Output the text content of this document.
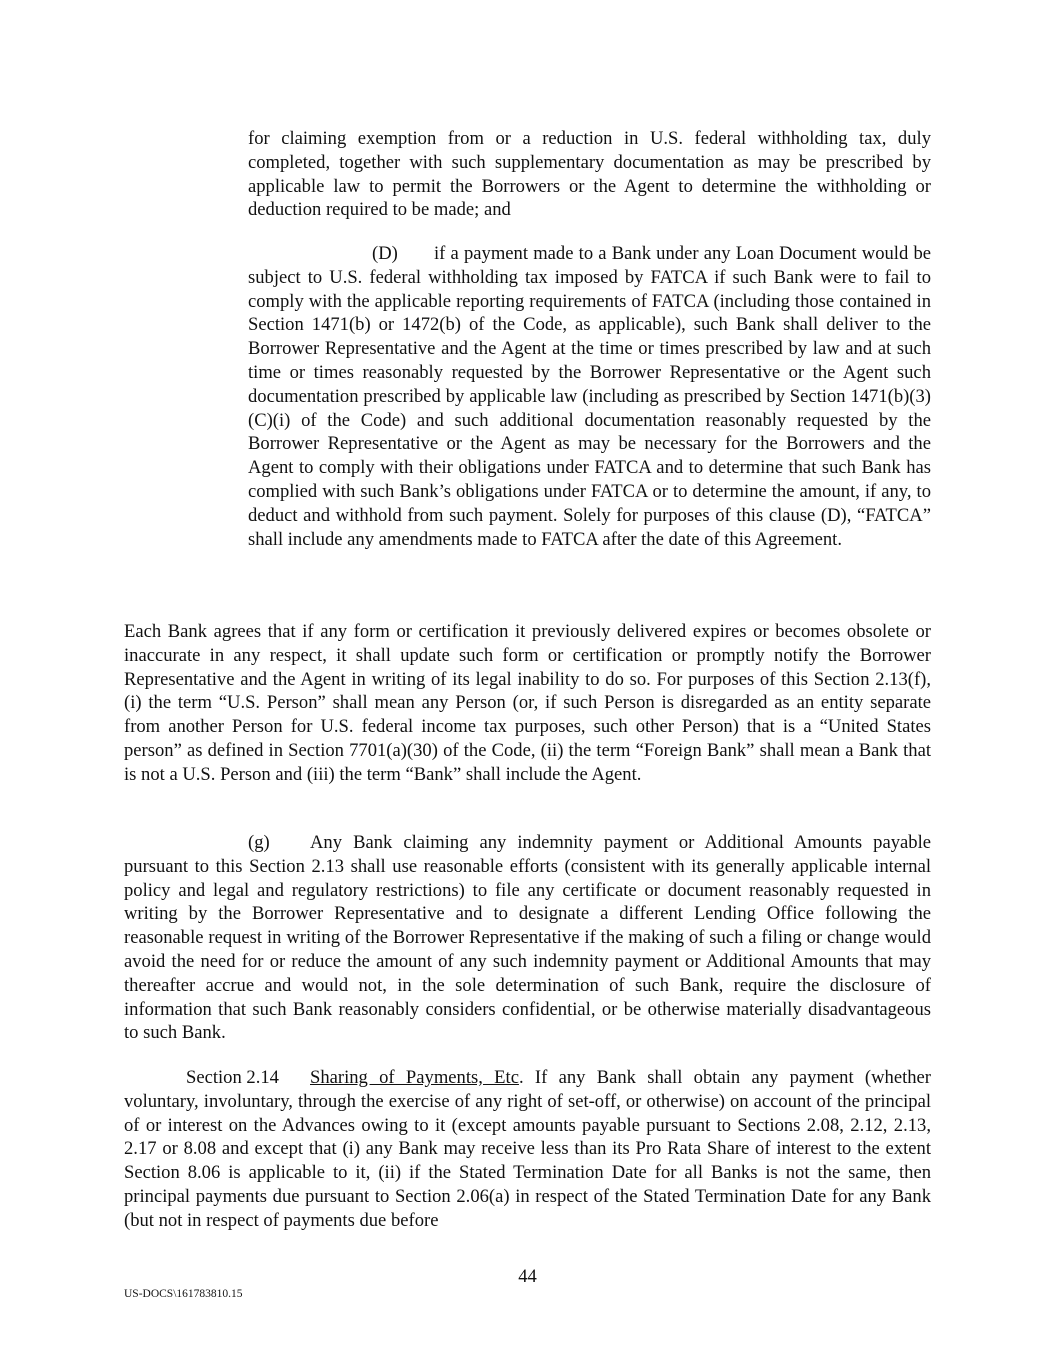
for claiming exemption from or a reduction in U.S. federal withholding tax, duly completed, together with such supplementary documentation as may be prescribed by applicable law to permit the Borrowers or the Agent to determine the withholding or deduction required to be made; and

(D) if a payment made to a Bank under any Loan Document would be subject to U.S. federal withholding tax imposed by FATCA if such Bank were to fail to comply with the applicable reporting requirements of FATCA (including those contained in Section 1471(b) or 1472(b) of the Code, as applicable), such Bank shall deliver to the Borrower Representative and the Agent at the time or times prescribed by law and at such time or times reasonably requested by the Borrower Representative or the Agent such documentation prescribed by applicable law (including as prescribed by Section 1471(b)(3)(C)(i) of the Code) and such additional documentation reasonably requested by the Borrower Representative or the Agent as may be necessary for the Borrowers and the Agent to comply with their obligations under FATCA and to determine that such Bank has complied with such Bank’s obligations under FATCA or to determine the amount, if any, to deduct and withhold from such payment. Solely for purposes of this clause (D), “FATCA” shall include any amendments made to FATCA after the date of this Agreement.

Each Bank agrees that if any form or certification it previously delivered expires or becomes obsolete or inaccurate in any respect, it shall update such form or certification or promptly notify the Borrower Representative and the Agent in writing of its legal inability to do so. For purposes of this Section 2.13(f), (i) the term “U.S. Person” shall mean any Person (or, if such Person is disregarded as an entity separate from another Person for U.S. federal income tax purposes, such other Person) that is a “United States person” as defined in Section 7701(a)(30) of the Code, (ii) the term “Foreign Bank” shall mean a Bank that is not a U.S. Person and (iii) the term “Bank” shall include the Agent.

(g) Any Bank claiming any indemnity payment or Additional Amounts payable pursuant to this Section 2.13 shall use reasonable efforts (consistent with its generally applicable internal policy and legal and regulatory restrictions) to file any certificate or document reasonably requested in writing by the Borrower Representative and to designate a different Lending Office following the reasonable request in writing of the Borrower Representative if the making of such a filing or change would avoid the need for or reduce the amount of any such indemnity payment or Additional Amounts that may thereafter accrue and would not, in the sole determination of such Bank, require the disclosure of information that such Bank reasonably considers confidential, or be otherwise materially disadvantageous to such Bank.

Section 2.14 Sharing of Payments, Etc. If any Bank shall obtain any payment (whether voluntary, involuntary, through the exercise of any right of set-off, or otherwise) on account of the principal of or interest on the Advances owing to it (except amounts payable pursuant to Sections 2.08, 2.12, 2.13, 2.17 or 8.08 and except that (i) any Bank may receive less than its Pro Rata Share of interest to the extent Section 8.06 is applicable to it, (ii) if the Stated Termination Date for all Banks is not the same, then principal payments due pursuant to Section 2.06(a) in respect of the Stated Termination Date for any Bank (but not in respect of payments due before

44
US-DOCS\161783810.15
